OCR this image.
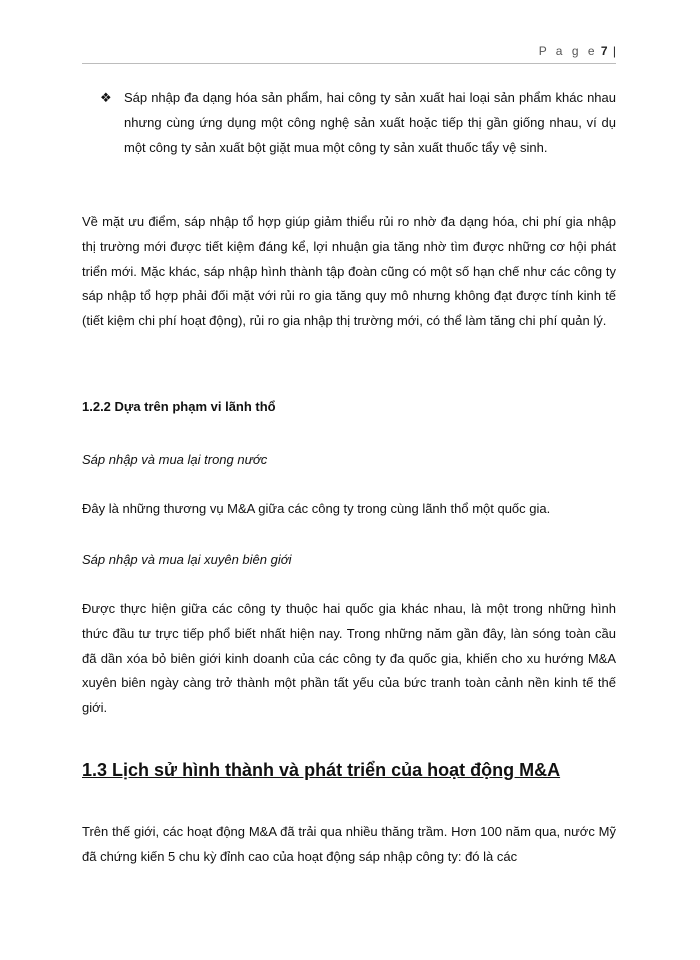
P a g e 7 |
❖ Sáp nhập đa dạng hóa sản phẩm, hai công ty sản xuất hai loại sản phẩm khác nhau nhưng cùng ứng dụng một công nghệ sản xuất hoặc tiếp thị gần giống nhau, ví dụ một công ty sản xuất bột giặt mua một công ty sản xuất thuốc tẩy vệ sinh.

Về mặt ưu điểm, sáp nhập tổ hợp giúp giảm thiểu rủi ro nhờ đa dạng hóa, chi phí gia nhập thị trường mới được tiết kiệm đáng kể, lợi nhuận gia tăng nhờ tìm được những cơ hội phát triển mới. Mặc khác, sáp nhập hình thành tập đoàn cũng có một số hạn chế như các công ty sáp nhập tổ hợp phải đối mặt với rủi ro gia tăng quy mô nhưng không đạt được tính kinh tế (tiết kiệm chi phí hoạt động), rủi ro gia nhập thị trường mới, có thể làm tăng chi phí quản lý.

1.2.2 Dựa trên phạm vi lãnh thổ
Sáp nhập và mua lại trong nước

Đây là những thương vụ M&A giữa các công ty trong cùng lãnh thổ một quốc gia.

Sáp nhập và mua lại xuyên biên giới

Được thực hiện giữa các công ty thuộc hai quốc gia khác nhau, là một trong những hình thức đầu tư trực tiếp phổ biết nhất hiện nay. Trong những năm gần đây, làn sóng toàn cầu đã dần xóa bỏ biên giới kinh doanh của các công ty đa quốc gia, khiến cho xu hướng M&A xuyên biên ngày càng trở thành một phần tất yếu của bức tranh toàn cảnh nền kinh tế thế giới.

1.3 Lịch sử hình thành và phát triển của hoạt động M&A

Trên thế giới, các hoạt động M&A đã trải qua nhiều thăng trầm. Hơn 100 năm qua, nước Mỹ đã chứng kiến 5 chu kỳ đỉnh cao của hoạt động sáp nhập công ty: đó là các
